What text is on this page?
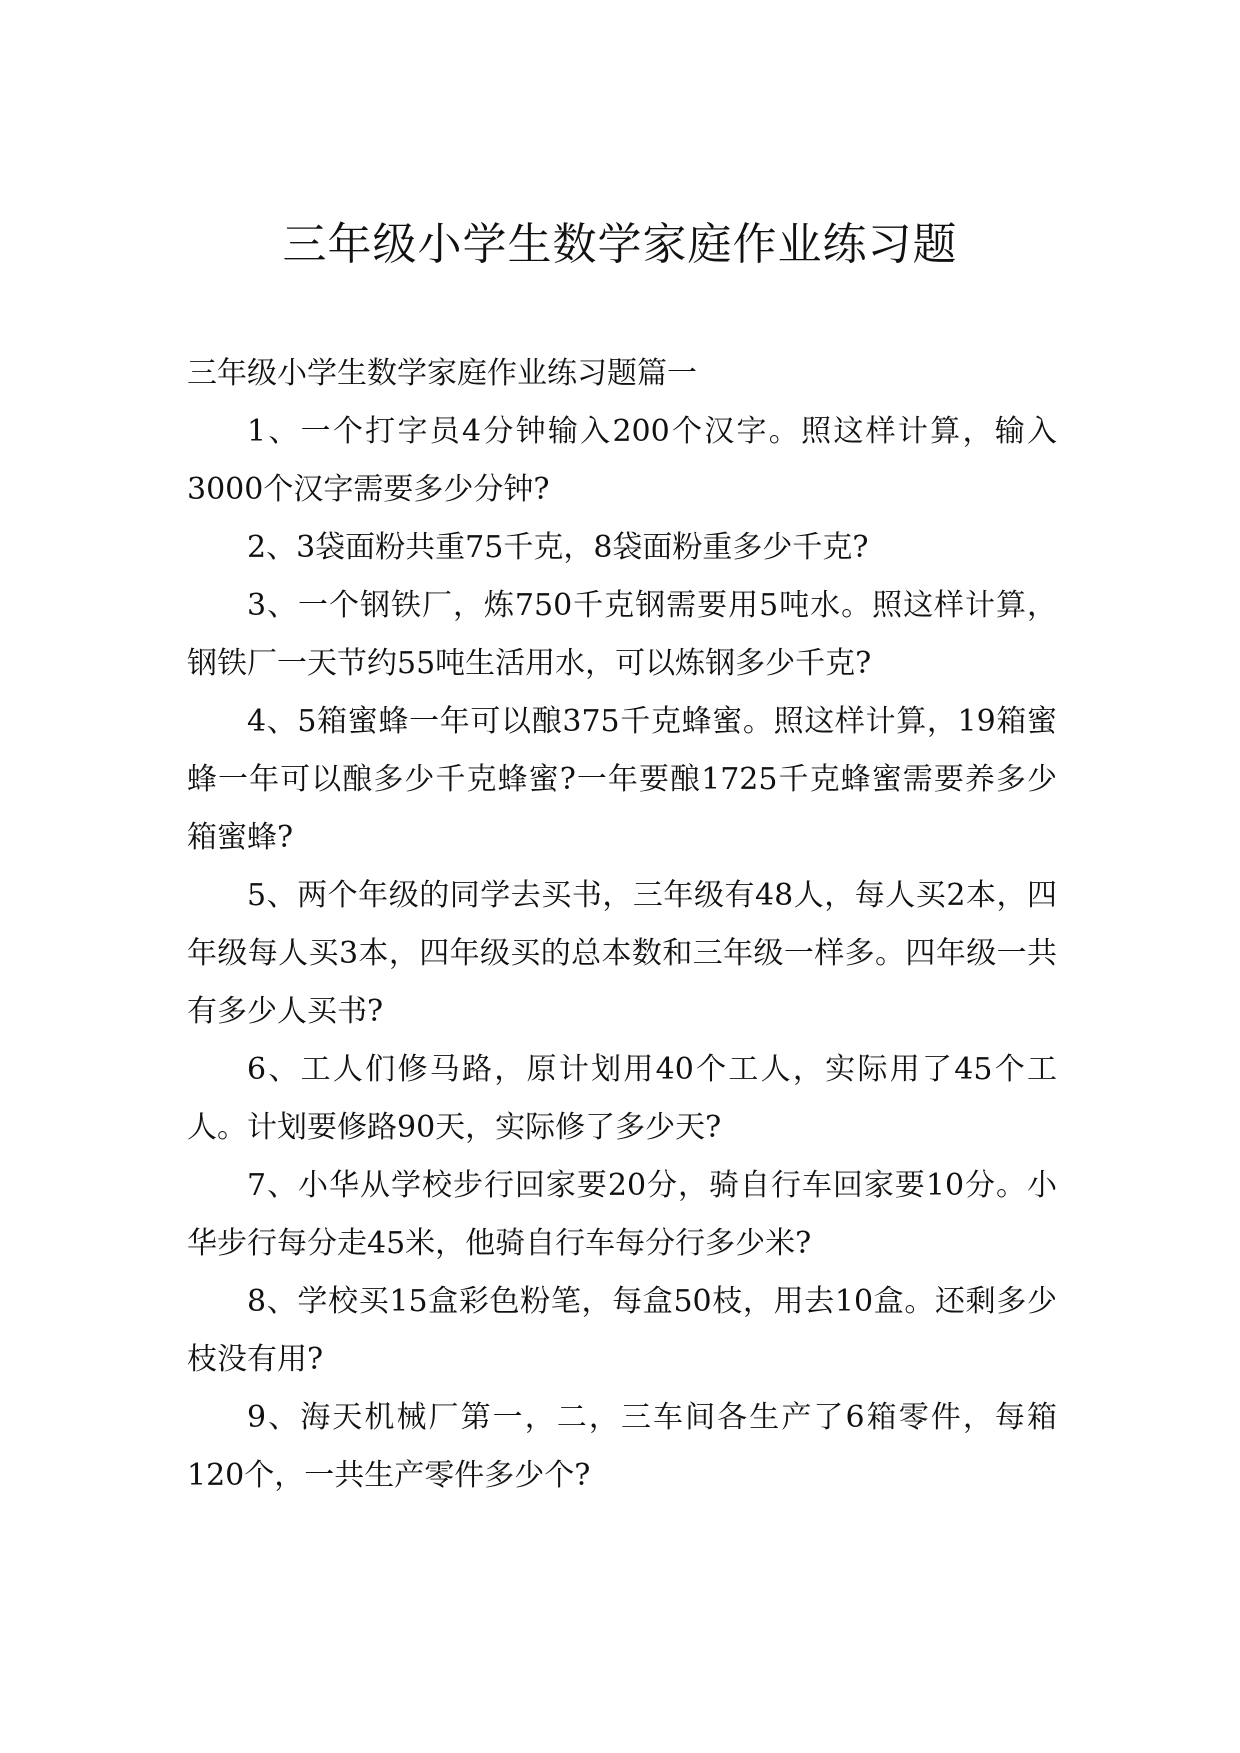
三年级小学生数学家庭作业练习题
三年级小学生数学家庭作业练习题篇一

1、一个打字员4分钟输入200个汉字。照这样计算，输入3000个汉字需要多少分钟?

2、3袋面粉共重75千克，8袋面粉重多少千克?

3、一个钢铁厂，炼750千克钢需要用5吨水。照这样计算，钢铁厂一天节约55吨生活用水，可以炼钢多少千克?

4、5箱蜜蜂一年可以酿375千克蜂蜜。照这样计算，19箱蜜蜂一年可以酿多少千克蜂蜜?一年要酿1725千克蜂蜜需要养多少箱蜜蜂?

5、两个年级的同学去买书，三年级有48人，每人买2本，四年级每人买3本，四年级买的总本数和三年级一样多。四年级一共有多少人买书?

6、工人们修马路，原计划用40个工人，实际用了45个工人。计划要修路90天，实际修了多少天?

7、小华从学校步行回家要20分，骑自行车回家要10分。小华步行每分走45米，他骑自行车每分行多少米?

8、学校买15盒彩色粉笔，每盒50枝，用去10盒。还剩多少枝没有用?

9、海天机械厂第一，二，三车间各生产了6箱零件，每箱120个，一共生产零件多少个?
